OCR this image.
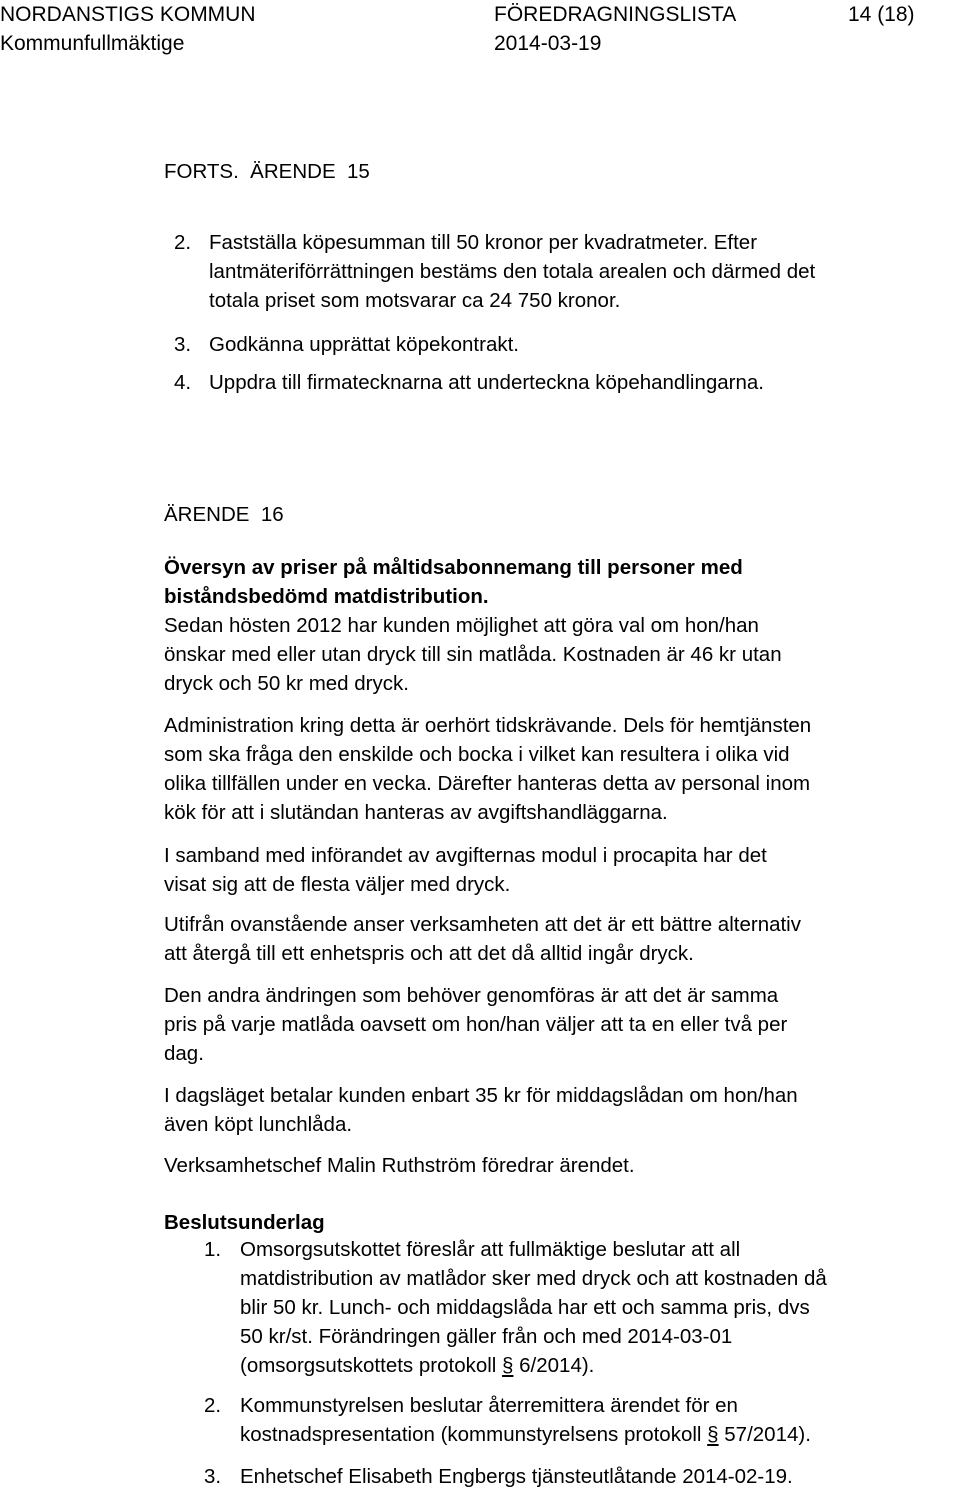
NORDANSTIGS KOMMUN	FÖREDRAGNINGSLISTA	14 (18)
Kommunfullmäktige	2014-03-19
FORTS.  ÄRENDE  15
2. Fastställa köpesumman till 50 kronor per kvadratmeter. Efter
lantmäteriförrättningen bestäms den totala arealen och därmed det
totala priset som motsvarar ca 24 750 kronor.
3. Godkänna upprättat köpekontrakt.
4. Uppdra till firmatecknarna att underteckna köpehandlingarna.
ÄRENDE  16
Översyn av priser på måltidsabonnemang till personer med
biståndsbedömd matdistribution.
Sedan hösten 2012 har kunden möjlighet att göra val om hon/han
önskar med eller utan dryck till sin matlåda. Kostnaden är 46 kr utan
dryck och 50 kr med dryck.
Administration kring detta är oerhört tidskrävande. Dels för hemtjänsten
som ska fråga den enskilde och bocka i vilket kan resultera i olika vid
olika tillfällen under en vecka. Därefter hanteras detta av personal inom
kök för att i slutändan hanteras av avgiftshandläggarna.
I samband med införandet av avgifternas modul i procapita har det
visat sig att de flesta väljer med dryck.
Utifrån ovanstående anser verksamheten att det är ett bättre alternativ
att återgå till ett enhetspris och att det då alltid ingår dryck.
Den andra ändringen som behöver genomföras är att det är samma
pris på varje matlåda oavsett om hon/han väljer att ta en eller två per
dag.
I dagsläget betalar kunden enbart 35 kr för middagslådan om hon/han
även köpt lunchlåda.
Verksamhetschef Malin Ruthström föredrar ärendet.
Beslutsunderlag
1. Omsorgsutskottet föreslår att fullmäktige beslutar att all
matdistribution av matlådor sker med dryck och att kostnaden då
blir 50 kr. Lunch- och middagslåda har ett och samma pris, dvs
50 kr/st. Förändringen gäller från och med 2014-03-01
(omsorgsutskottets protokoll § 6/2014).
2. Kommunstyrelsen beslutar återremittera ärendet för en
kostnadspresentation (kommunstyrelsens protokoll § 57/2014).
3. Enhetschef Elisabeth Engbergs tjänsteutlåtande 2014-02-19.
